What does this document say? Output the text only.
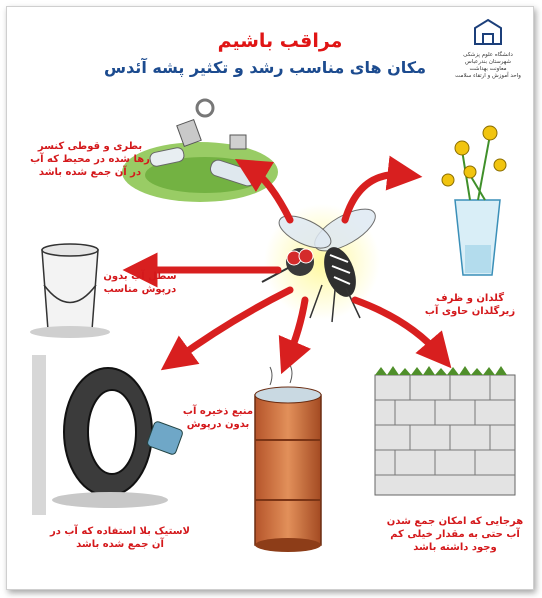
دانشگاه علوم پزشکی
شهرستان بندرعباس
معاونت بهداشت
واحد آموزش و ارتقاء سلامت
مراقب باشیم
مکان های مناسب رشد و تکثیر پشه آئدس
بطری و قوطی کنسر رها شده در محیط که آب در آن جمع شده باشد
گلدان و ظرف زیرگلدان حاوی آب
سطل آب بدون درپوش مناسب
منبع ذخیره آب بدون درپوش
لاستیک بلا استفاده که آب در آن جمع شده باشد
هرجایی که امکان جمع شدن آب حتی به مقدار خیلی کم وجود داشته باشد
